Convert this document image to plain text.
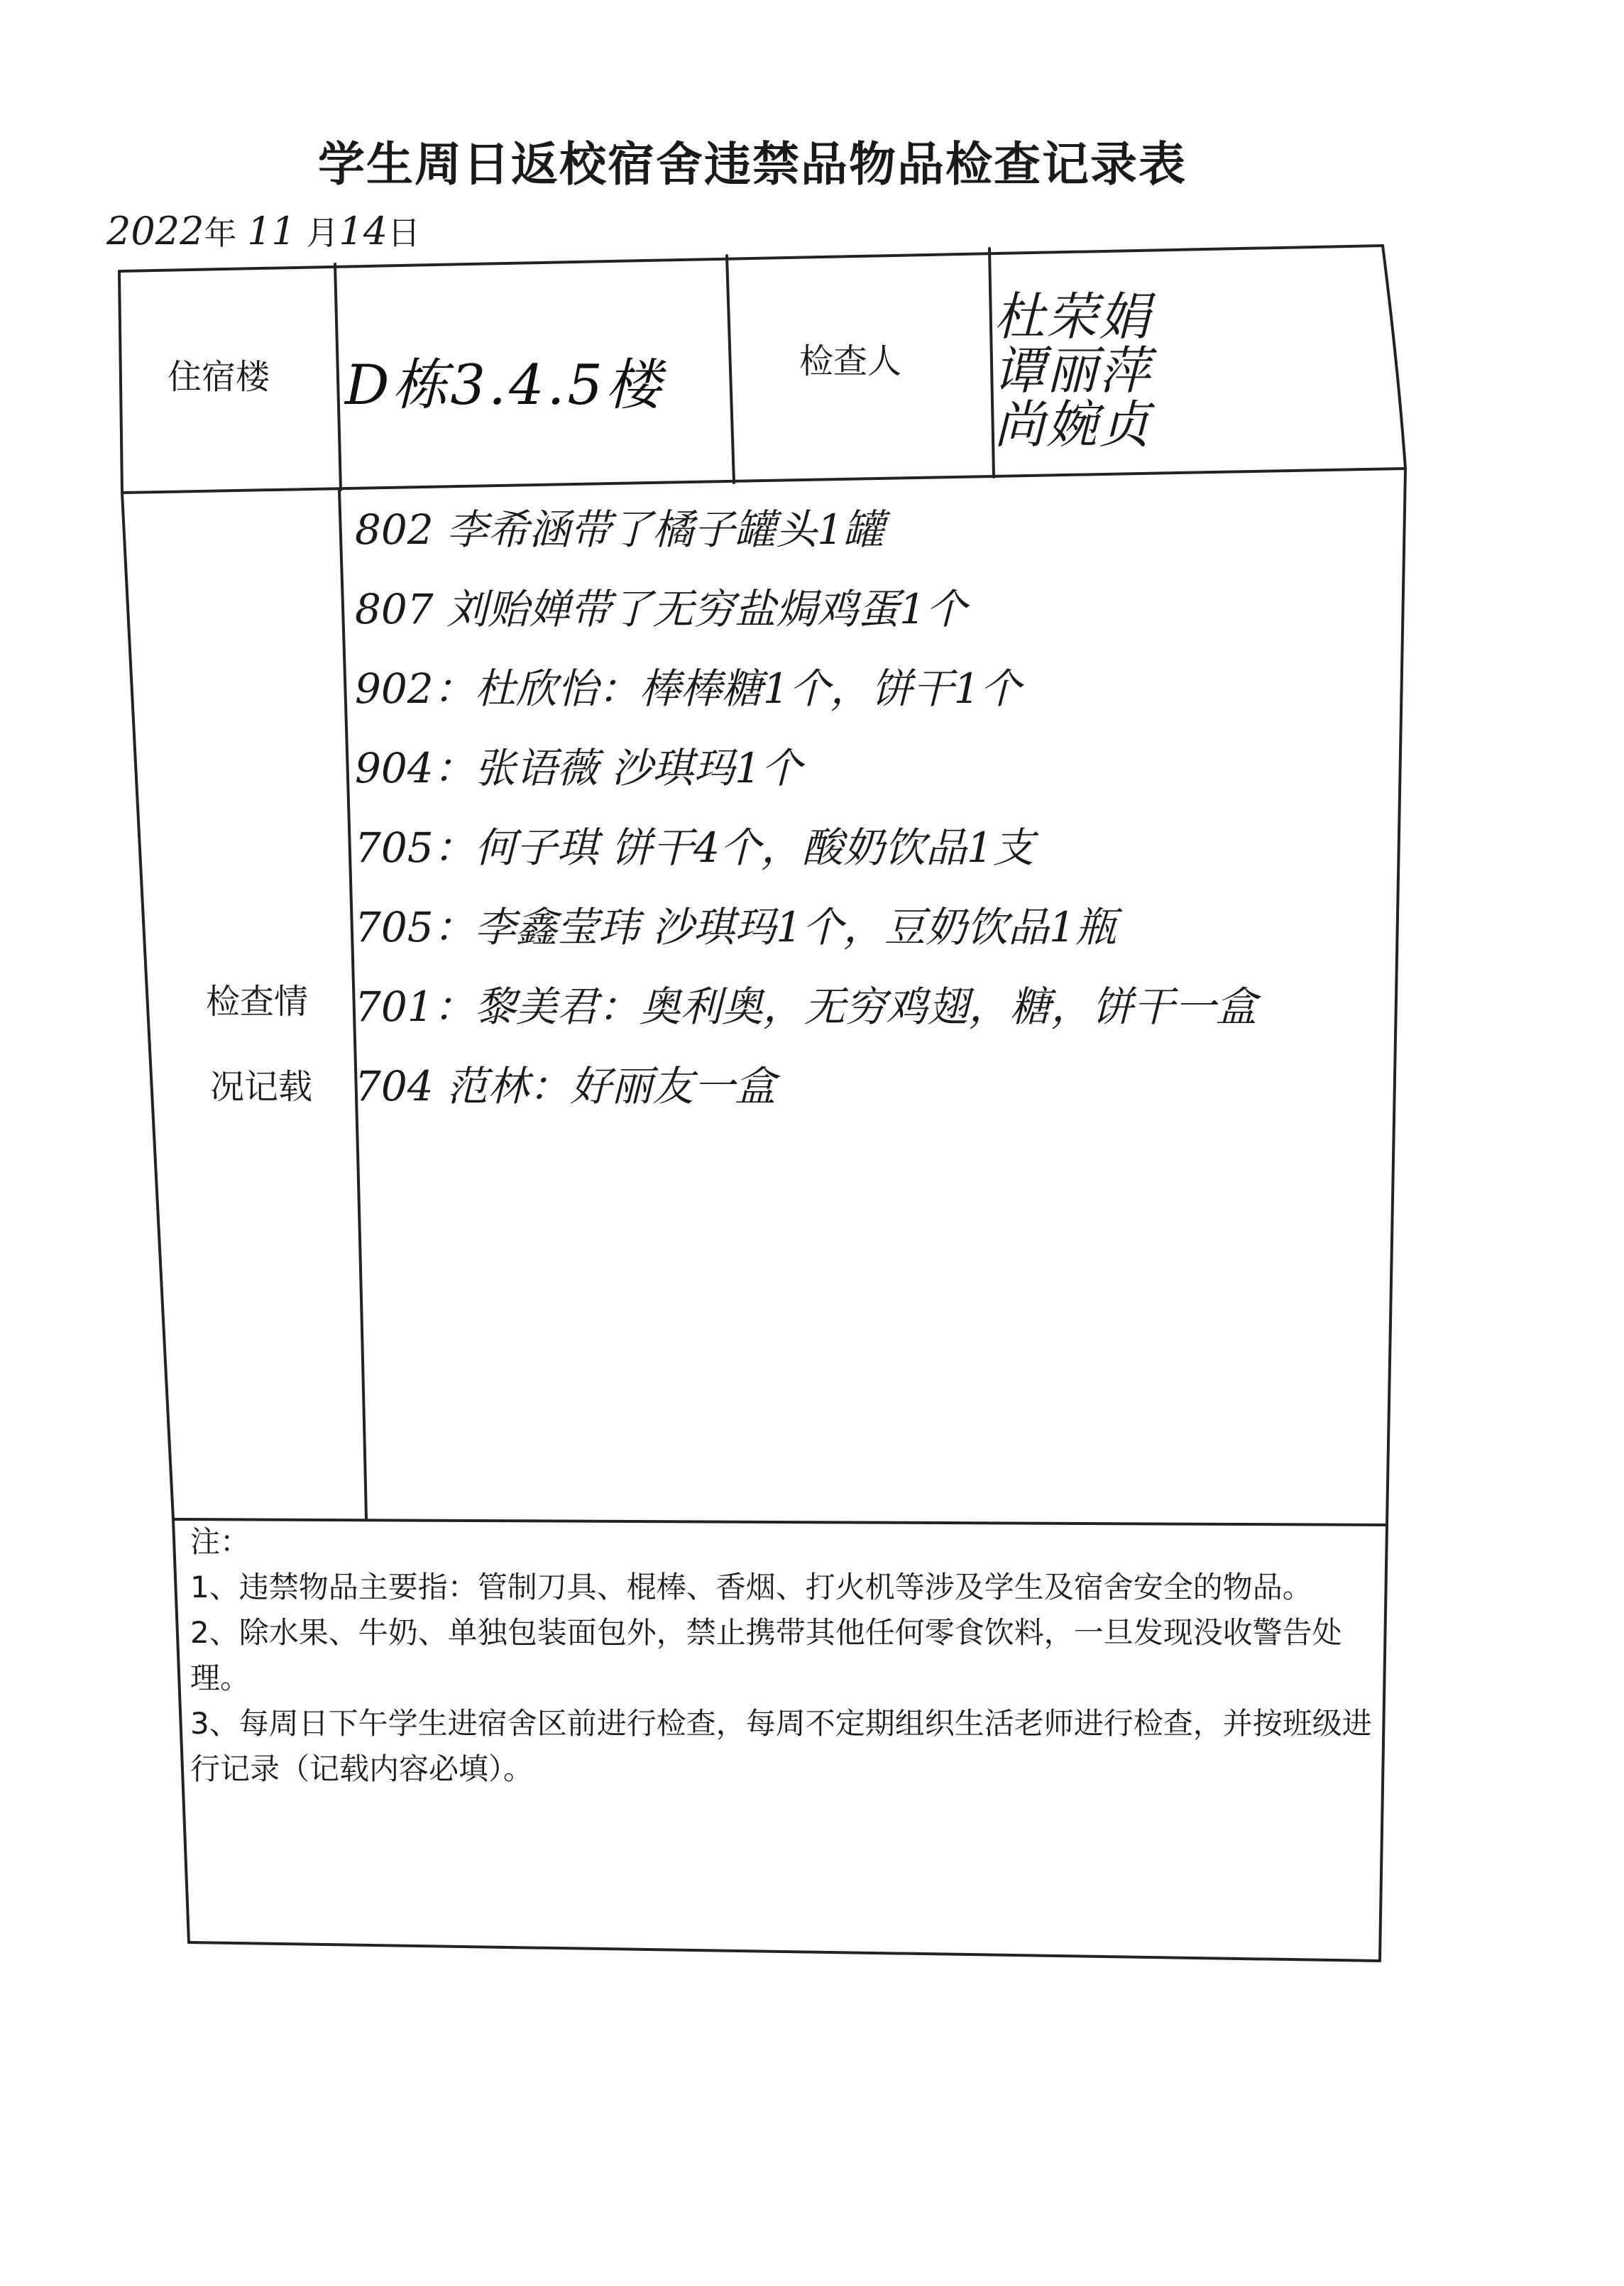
学生周日返校宿舍违禁品物品检查记录表
2022年 11 月14日
住宿楼 D栋3.4.5楼	检查人
杜荣娟
谭丽萍
尚婉贞
检查情
况记载
802 李希涵带了橘子罐头1罐
807 刘贻婵带了无穷盐焗鸡蛋1个
902：杜欣怡：棒棒糖1个，饼干1个
904：张语薇 沙琪玛1个
705：何子琪 饼干4个，酸奶饮品1支
705：李鑫莹玮 沙琪玛1个，豆奶饮品1瓶
701：黎美君：奥利奥，无穷鸡翅，糖，饼干一盒
704 范林：好丽友一盒
注：
1、违禁物品主要指：管制刀具、棍棒、香烟、打火机等涉及学生及宿舍安全的物品。
2、除水果、牛奶、单独包装面包外，禁止携带其他任何零食饮料，一旦发现没收警告处理。
3、每周日下午学生进宿舍区前进行检查，每周不定期组织生活老师进行检查，并按班级进行记录（记载内容必填）。
